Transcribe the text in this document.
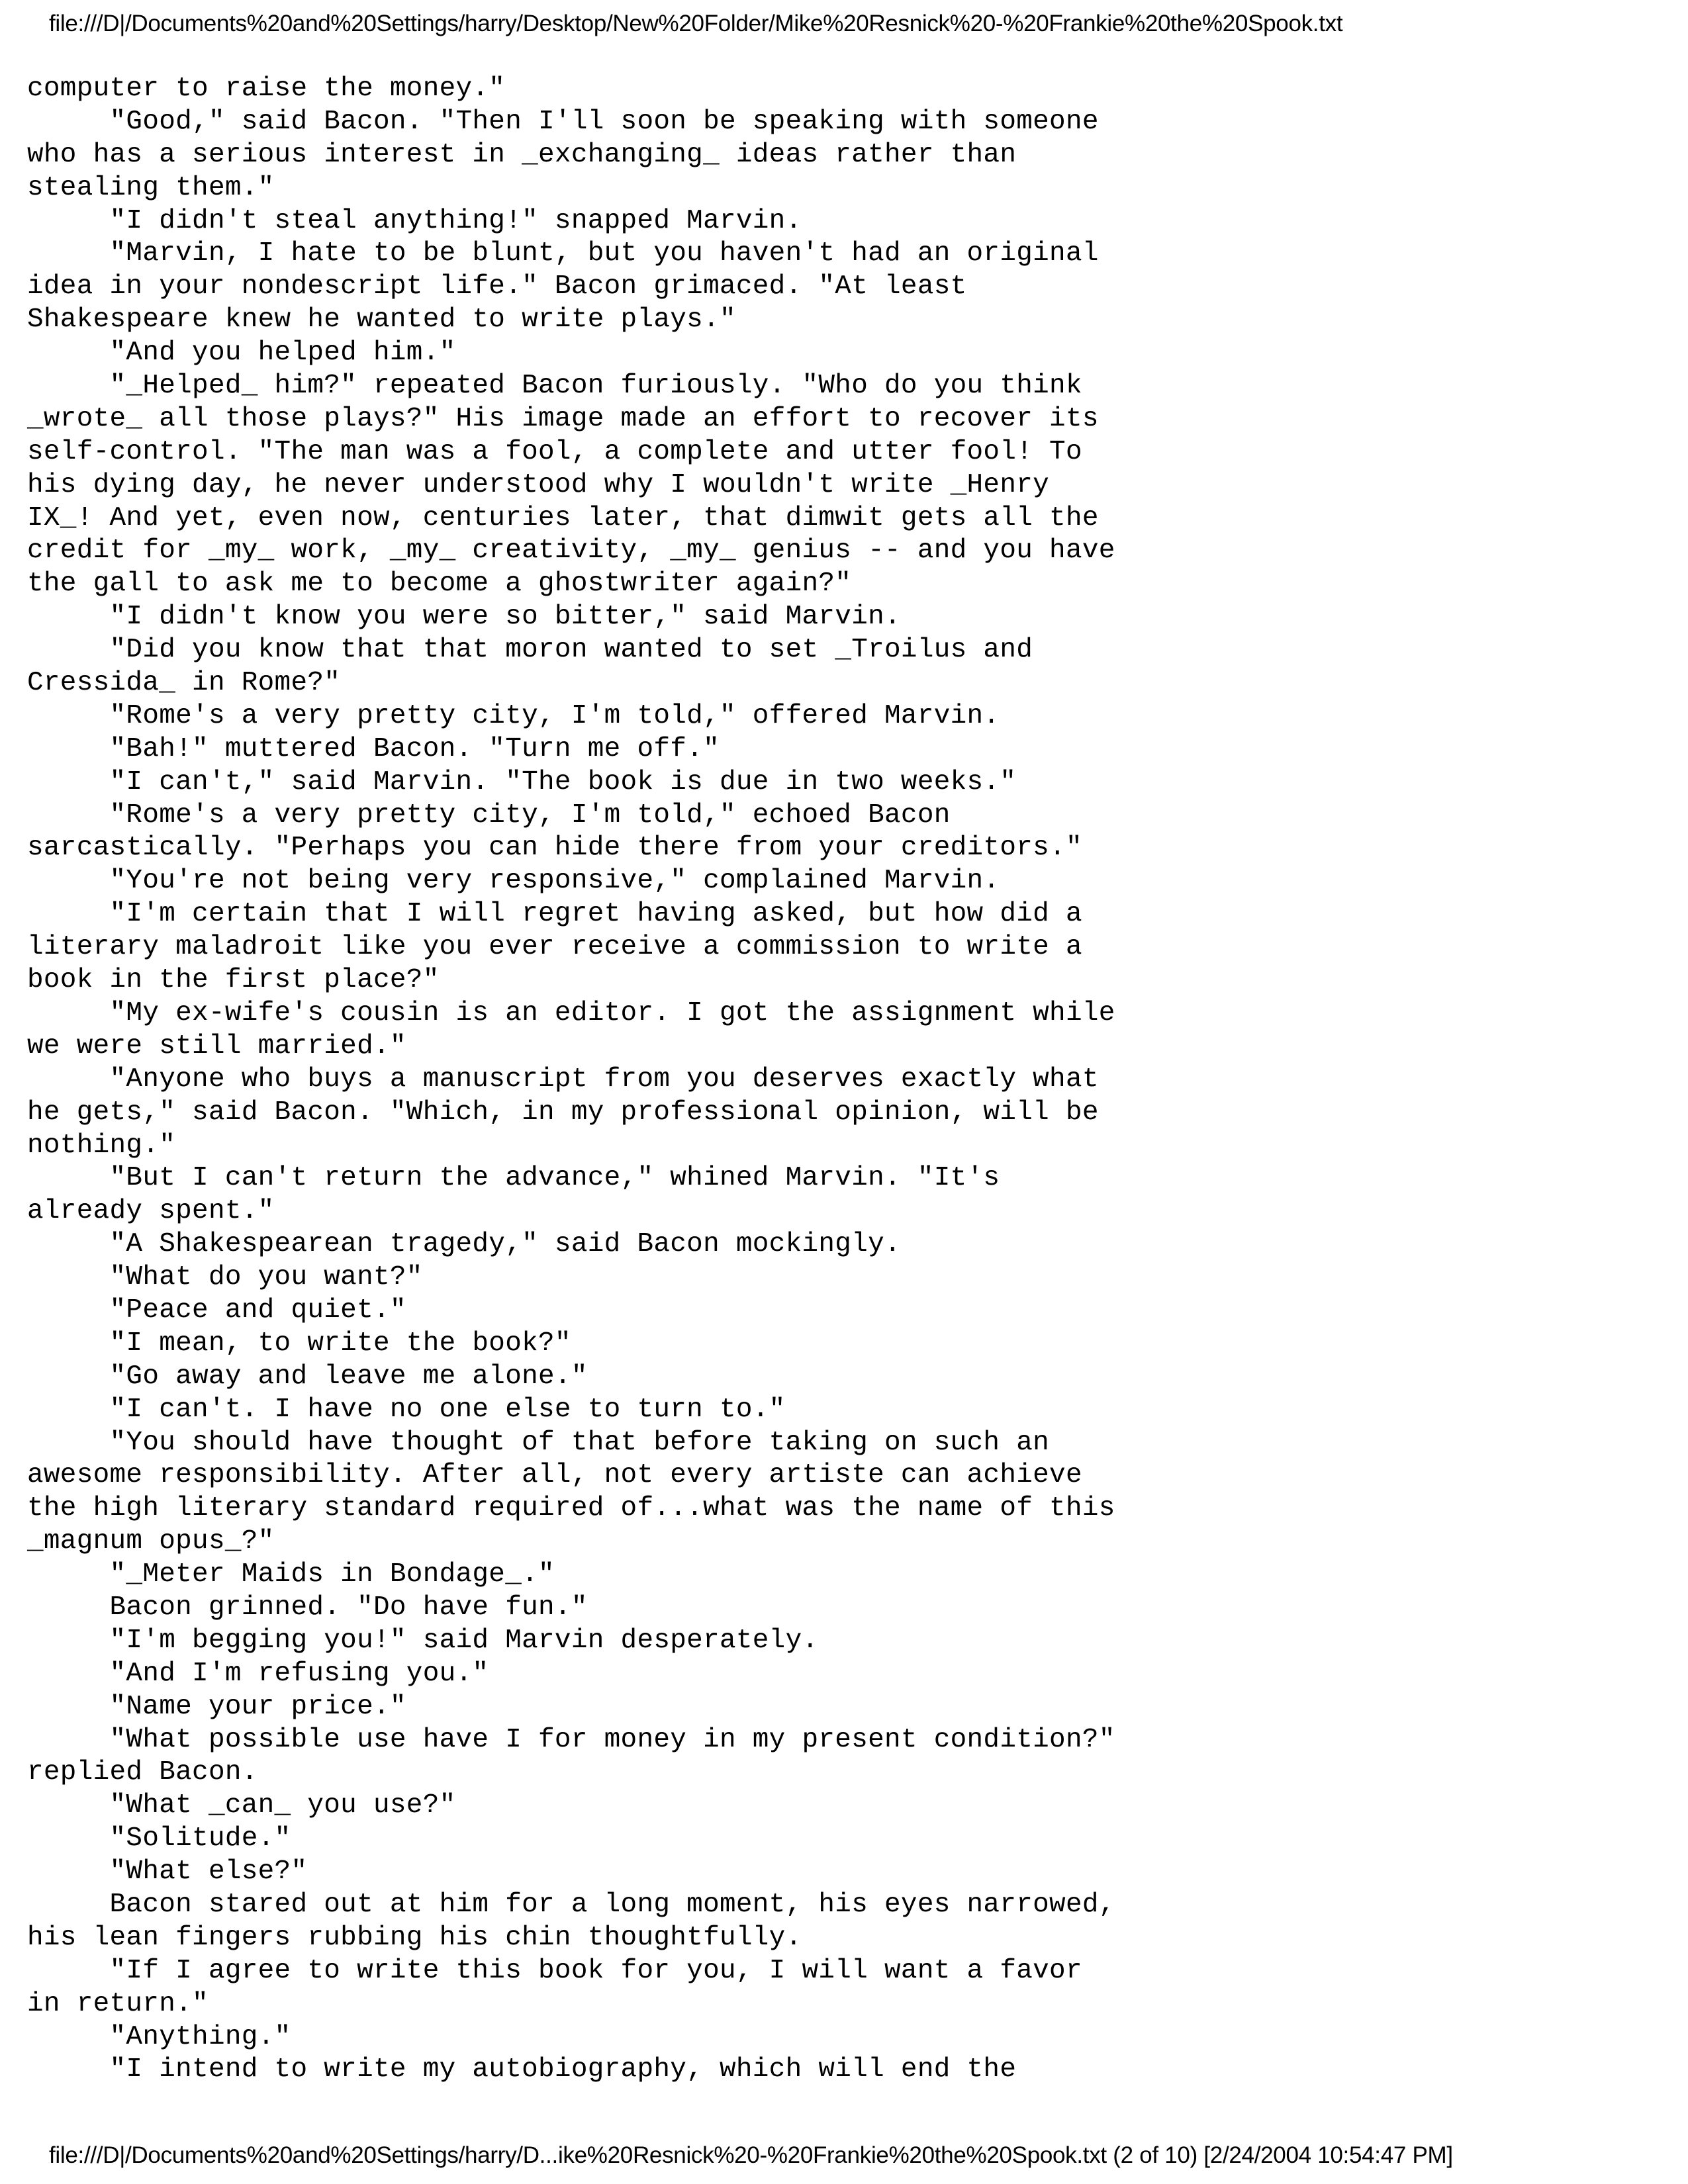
file:///D|/Documents%20and%20Settings/harry/Desktop/New%20Folder/Mike%20Resnick%20-%20Frankie%20the%20Spook.txt
computer to raise the money."
"Good," said Bacon. "Then I'll soon be speaking with someone
who has a serious interest in _exchanging_ ideas rather than
stealing them."
"I didn't steal anything!" snapped Marvin.
"Marvin, I hate to be blunt, but you haven't had an original
idea in your nondescript life." Bacon grimaced. "At least
Shakespeare knew he wanted to write plays."
"And you helped him."
"_Helped_ him?" repeated Bacon furiously. "Who do you think
_wrote_ all those plays?" His image made an effort to recover its
self-control. "The man was a fool, a complete and utter fool! To
his dying day, he never understood why I wouldn't write _Henry
IX_! And yet, even now, centuries later, that dimwit gets all the
credit for _my_ work, _my_ creativity, _my_ genius -- and you have
the gall to ask me to become a ghostwriter again?"
"I didn't know you were so bitter," said Marvin.
"Did you know that that moron wanted to set _Troilus and
Cressida_ in Rome?"
"Rome's a very pretty city, I'm told," offered Marvin.
"Bah!" muttered Bacon. "Turn me off."
"I can't," said Marvin. "The book is due in two weeks."
"Rome's a very pretty city, I'm told," echoed Bacon
sarcastically. "Perhaps you can hide there from your creditors."
"You're not being very responsive," complained Marvin.
"I'm certain that I will regret having asked, but how did a
literary maladroit like you ever receive a commission to write a
book in the first place?"
"My ex-wife's cousin is an editor. I got the assignment while
we were still married."
"Anyone who buys a manuscript from you deserves exactly what
he gets," said Bacon. "Which, in my professional opinion, will be
nothing."
"But I can't return the advance," whined Marvin. "It's
already spent."
"A Shakespearean tragedy," said Bacon mockingly.
"What do you want?"
"Peace and quiet."
"I mean, to write the book?"
"Go away and leave me alone."
"I can't. I have no one else to turn to."
"You should have thought of that before taking on such an
awesome responsibility. After all, not every artiste can achieve
the high literary standard required of...what was the name of this
_magnum opus_?"
"_Meter Maids in Bondage_."
Bacon grinned. "Do have fun."
"I'm begging you!" said Marvin desperately.
"And I'm refusing you."
"Name your price."
"What possible use have I for money in my present condition?"
replied Bacon.
"What _can_ you use?"
"Solitude."
"What else?"
Bacon stared out at him for a long moment, his eyes narrowed,
his lean fingers rubbing his chin thoughtfully.
"If I agree to write this book for you, I will want a favor
in return."
"Anything."
"I intend to write my autobiography, which will end the
file:///D|/Documents%20and%20Settings/harry/D...ike%20Resnick%20-%20Frankie%20the%20Spook.txt (2 of 10) [2/24/2004 10:54:47 PM]
